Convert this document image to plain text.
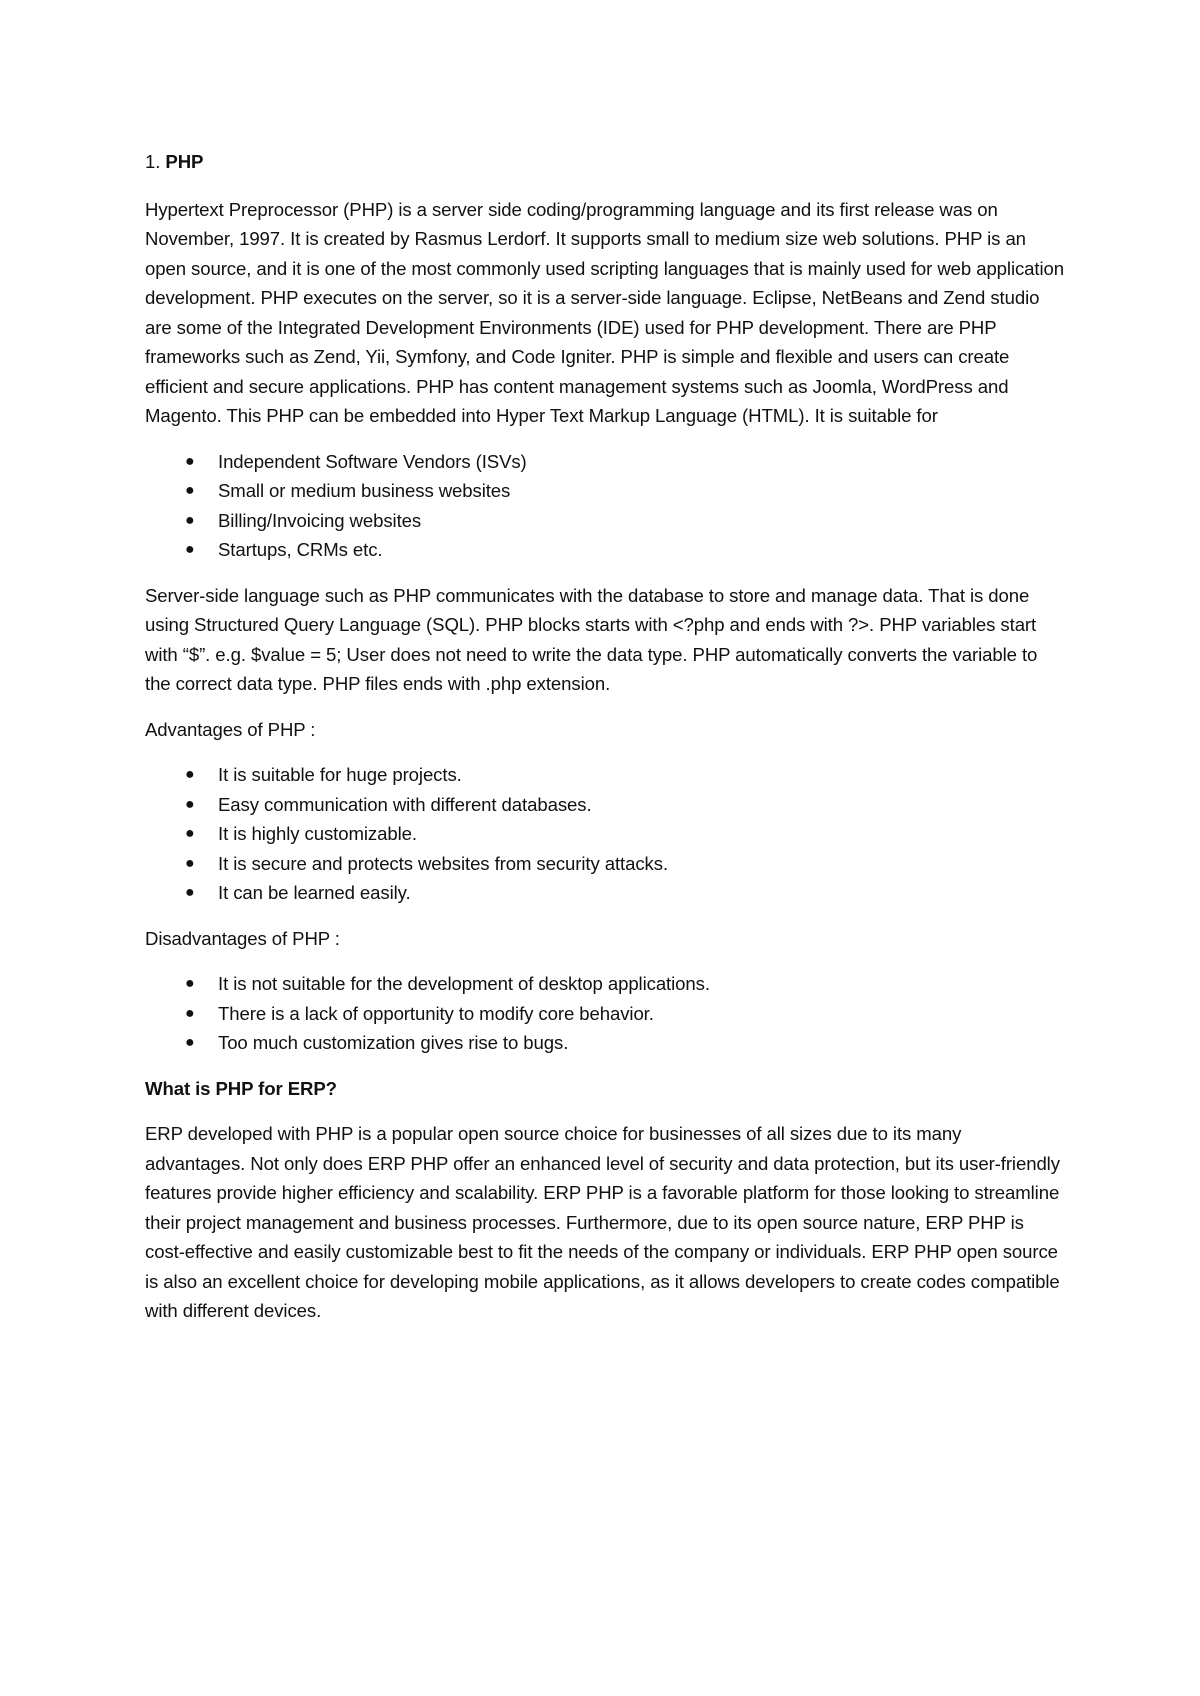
1. PHP

Hypertext Preprocessor (PHP) is a server side coding/programming language and its first release was on November, 1997. It is created by Rasmus Lerdorf. It supports small to medium size web solutions. PHP is an open source, and it is one of the most commonly used scripting languages that is mainly used for web application development. PHP executes on the server, so it is a server-side language. Eclipse, NetBeans and Zend studio are some of the Integrated Development Environments (IDE) used for PHP development. There are PHP frameworks such as Zend, Yii, Symfony, and Code Igniter. PHP is simple and flexible and users can create efficient and secure applications. PHP has content management systems such as Joomla, WordPress and Magento. This PHP can be embedded into Hyper Text Markup Language (HTML). It is suitable for

● Independent Software Vendors (ISVs)
● Small or medium business websites
● Billing/Invoicing websites
● Startups, CRMs etc.

Server-side language such as PHP communicates with the database to store and manage data. That is done using Structured Query Language (SQL). PHP blocks starts with <?php and ends with ?>. PHP variables start with “$”. e.g. $value = 5; User does not need to write the data type. PHP automatically converts the variable to the correct data type. PHP files ends with .php extension.

Advantages of PHP :

● It is suitable for huge projects.
● Easy communication with different databases.
● It is highly customizable.
● It is secure and protects websites from security attacks.
● It can be learned easily.

Disadvantages of PHP :

● It is not suitable for the development of desktop applications.
● There is a lack of opportunity to modify core behavior.
● Too much customization gives rise to bugs.

What is PHP for ERP?

ERP developed with PHP is a popular open source choice for businesses of all sizes due to its many advantages. Not only does ERP PHP offer an enhanced level of security and data protection, but its user-friendly features provide higher efficiency and scalability. ERP PHP is a favorable platform for those looking to streamline their project management and business processes. Furthermore, due to its open source nature, ERP PHP is cost-effective and easily customizable best to fit the needs of the company or individuals. ERP PHP open source is also an excellent choice for developing mobile applications, as it allows developers to create codes compatible with different devices.
